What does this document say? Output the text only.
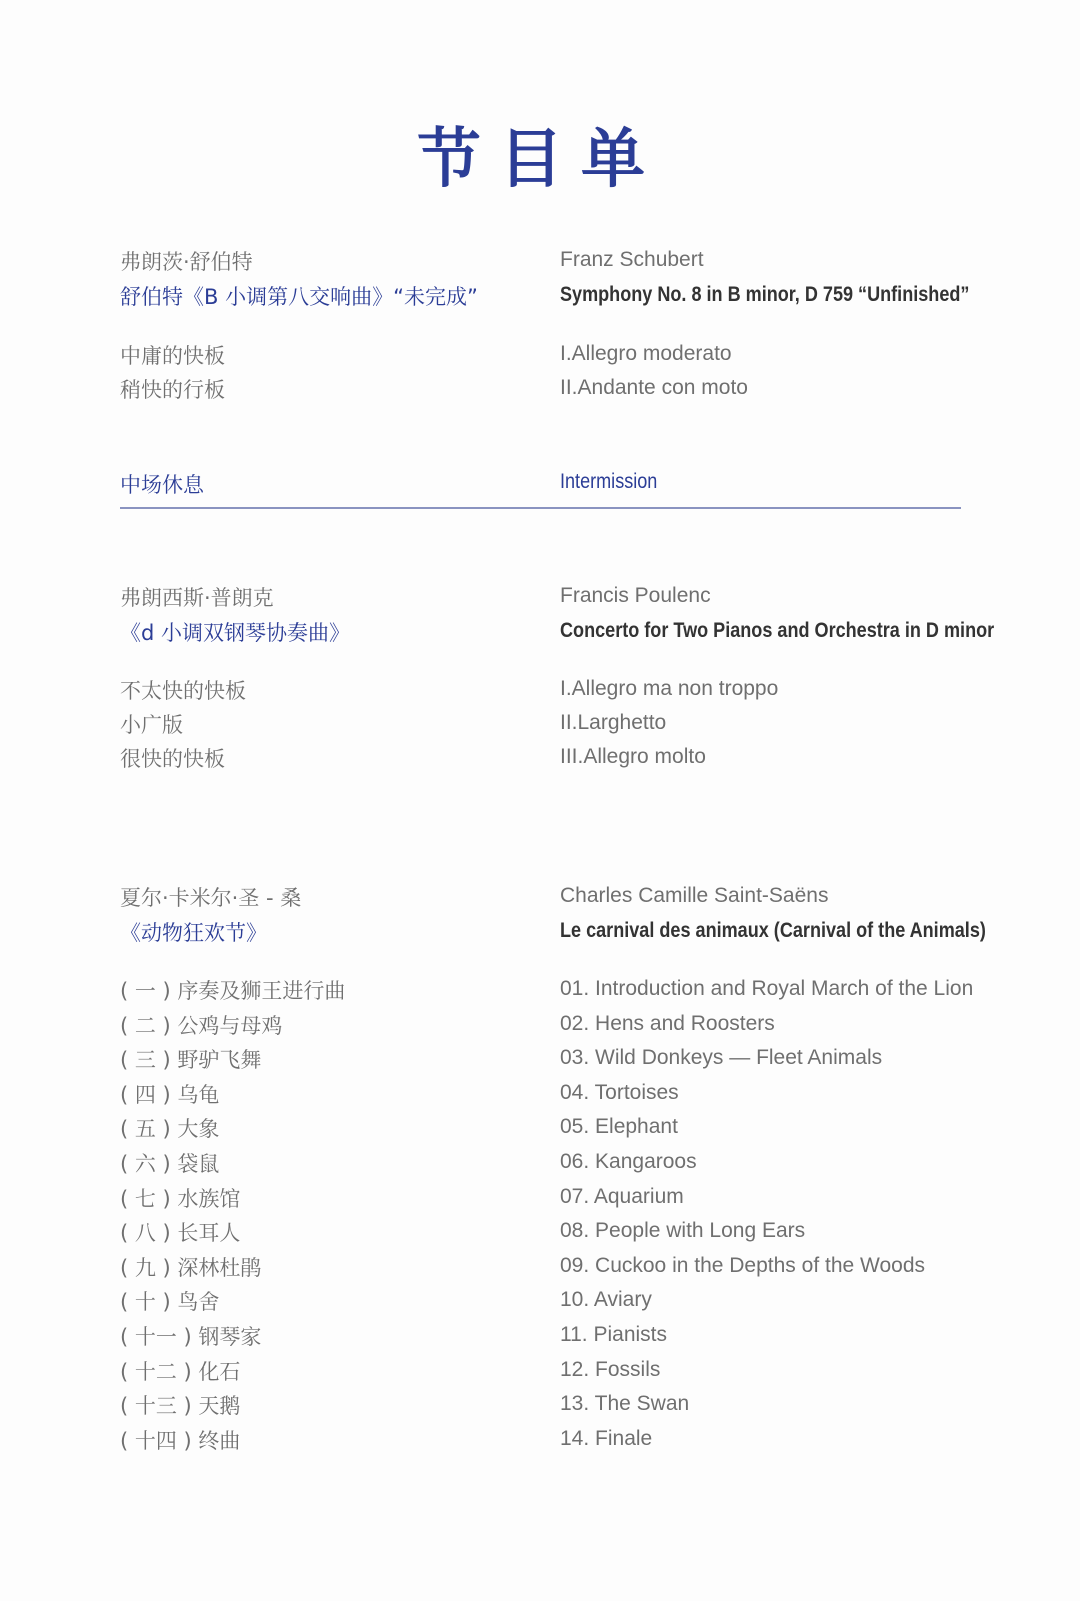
节目单
弗朗茨·舒伯特
舒伯特《B 小调第八交响曲》“未完成”
中庸的快板
稍快的行板
Franz Schubert
Symphony No. 8 in B minor, D 759 “Unfinished”
I.Allegro moderato
II.Andante con moto
中场休息	Intermission
弗朗西斯·普朗克
《d 小调双钢琴协奏曲》
不太快的快板
小广版
很快的快板
Francis Poulenc
Concerto for Two Pianos and Orchestra in D minor
I.Allegro ma non troppo
II.Larghetto
III.Allegro molto
夏尔·卡米尔·圣 - 桑
《动物狂欢节》
Charles Camille Saint-Saëns
Le carnival des animaux (Carnival of the Animals)
( 一 ) 序奏及狮王进行曲
( 二 ) 公鸡与母鸡
( 三 ) 野驴飞舞
( 四 ) 乌龟
( 五 ) 大象
( 六 ) 袋鼠
( 七 ) 水族馆
( 八 ) 长耳人
( 九 ) 深林杜鹃
( 十 ) 鸟舍
( 十一 ) 钢琴家
( 十二 ) 化石
( 十三 ) 天鹅
( 十四 ) 终曲
01. Introduction and Royal March of the Lion
02. Hens and Roosters
03. Wild Donkeys — Fleet Animals
04. Tortoises
05. Elephant
06. Kangaroos
07. Aquarium
08. People with Long Ears
09. Cuckoo in the Depths of the Woods
10. Aviary
11. Pianists
12. Fossils
13. The Swan
14. Finale
